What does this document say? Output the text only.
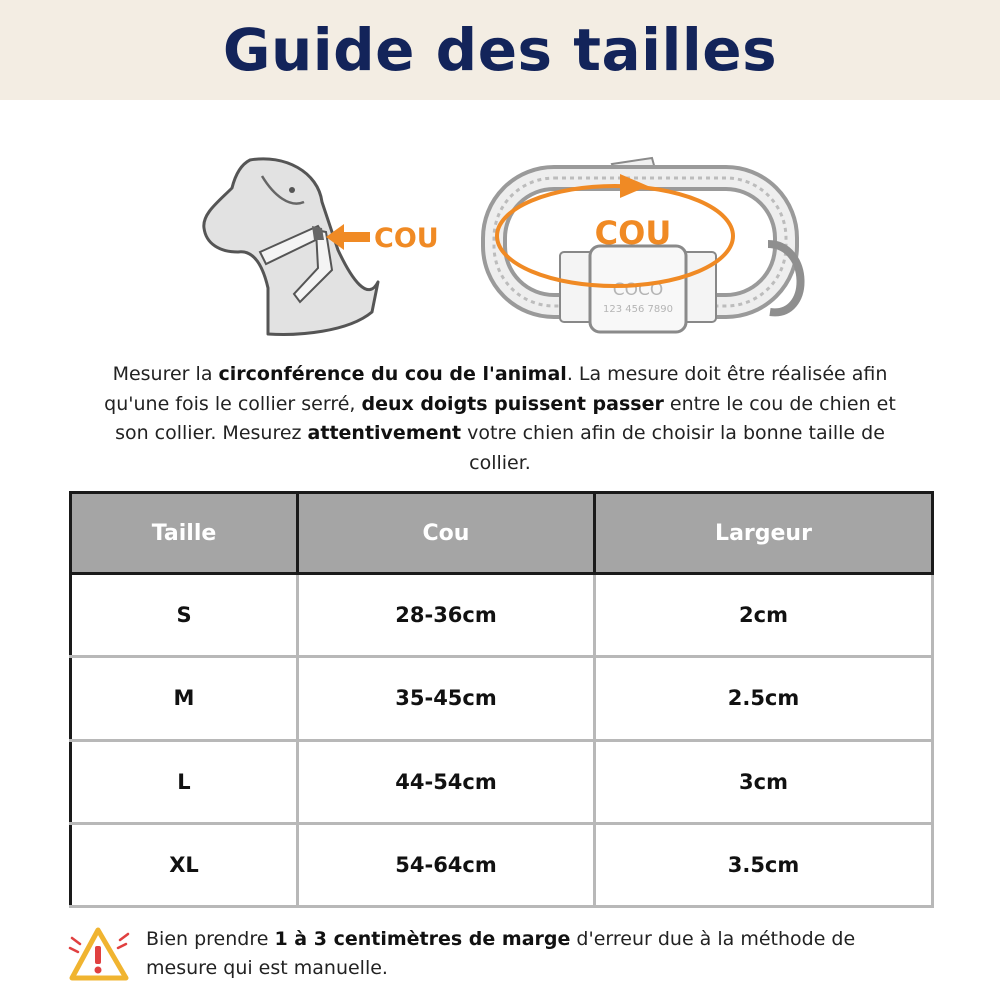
Guide des tailles
COU
COCO
123 456 7890
COU
Mesurer la circonférence du cou de l'animal. La mesure doit être réalisée afin qu'une fois le collier serré, deux doigts puissent passer entre le cou de chien et son collier. Mesurez attentivement votre chien afin de choisir la bonne taille de collier.
Taille	Cou	Largeur
S	28-36cm	2cm
M	35-45cm	2.5cm
L	44-54cm	3cm
XL	54-64cm	3.5cm
Bien prendre 1 à 3 centimètres de marge d'erreur due à la méthode de mesure qui est manuelle.
